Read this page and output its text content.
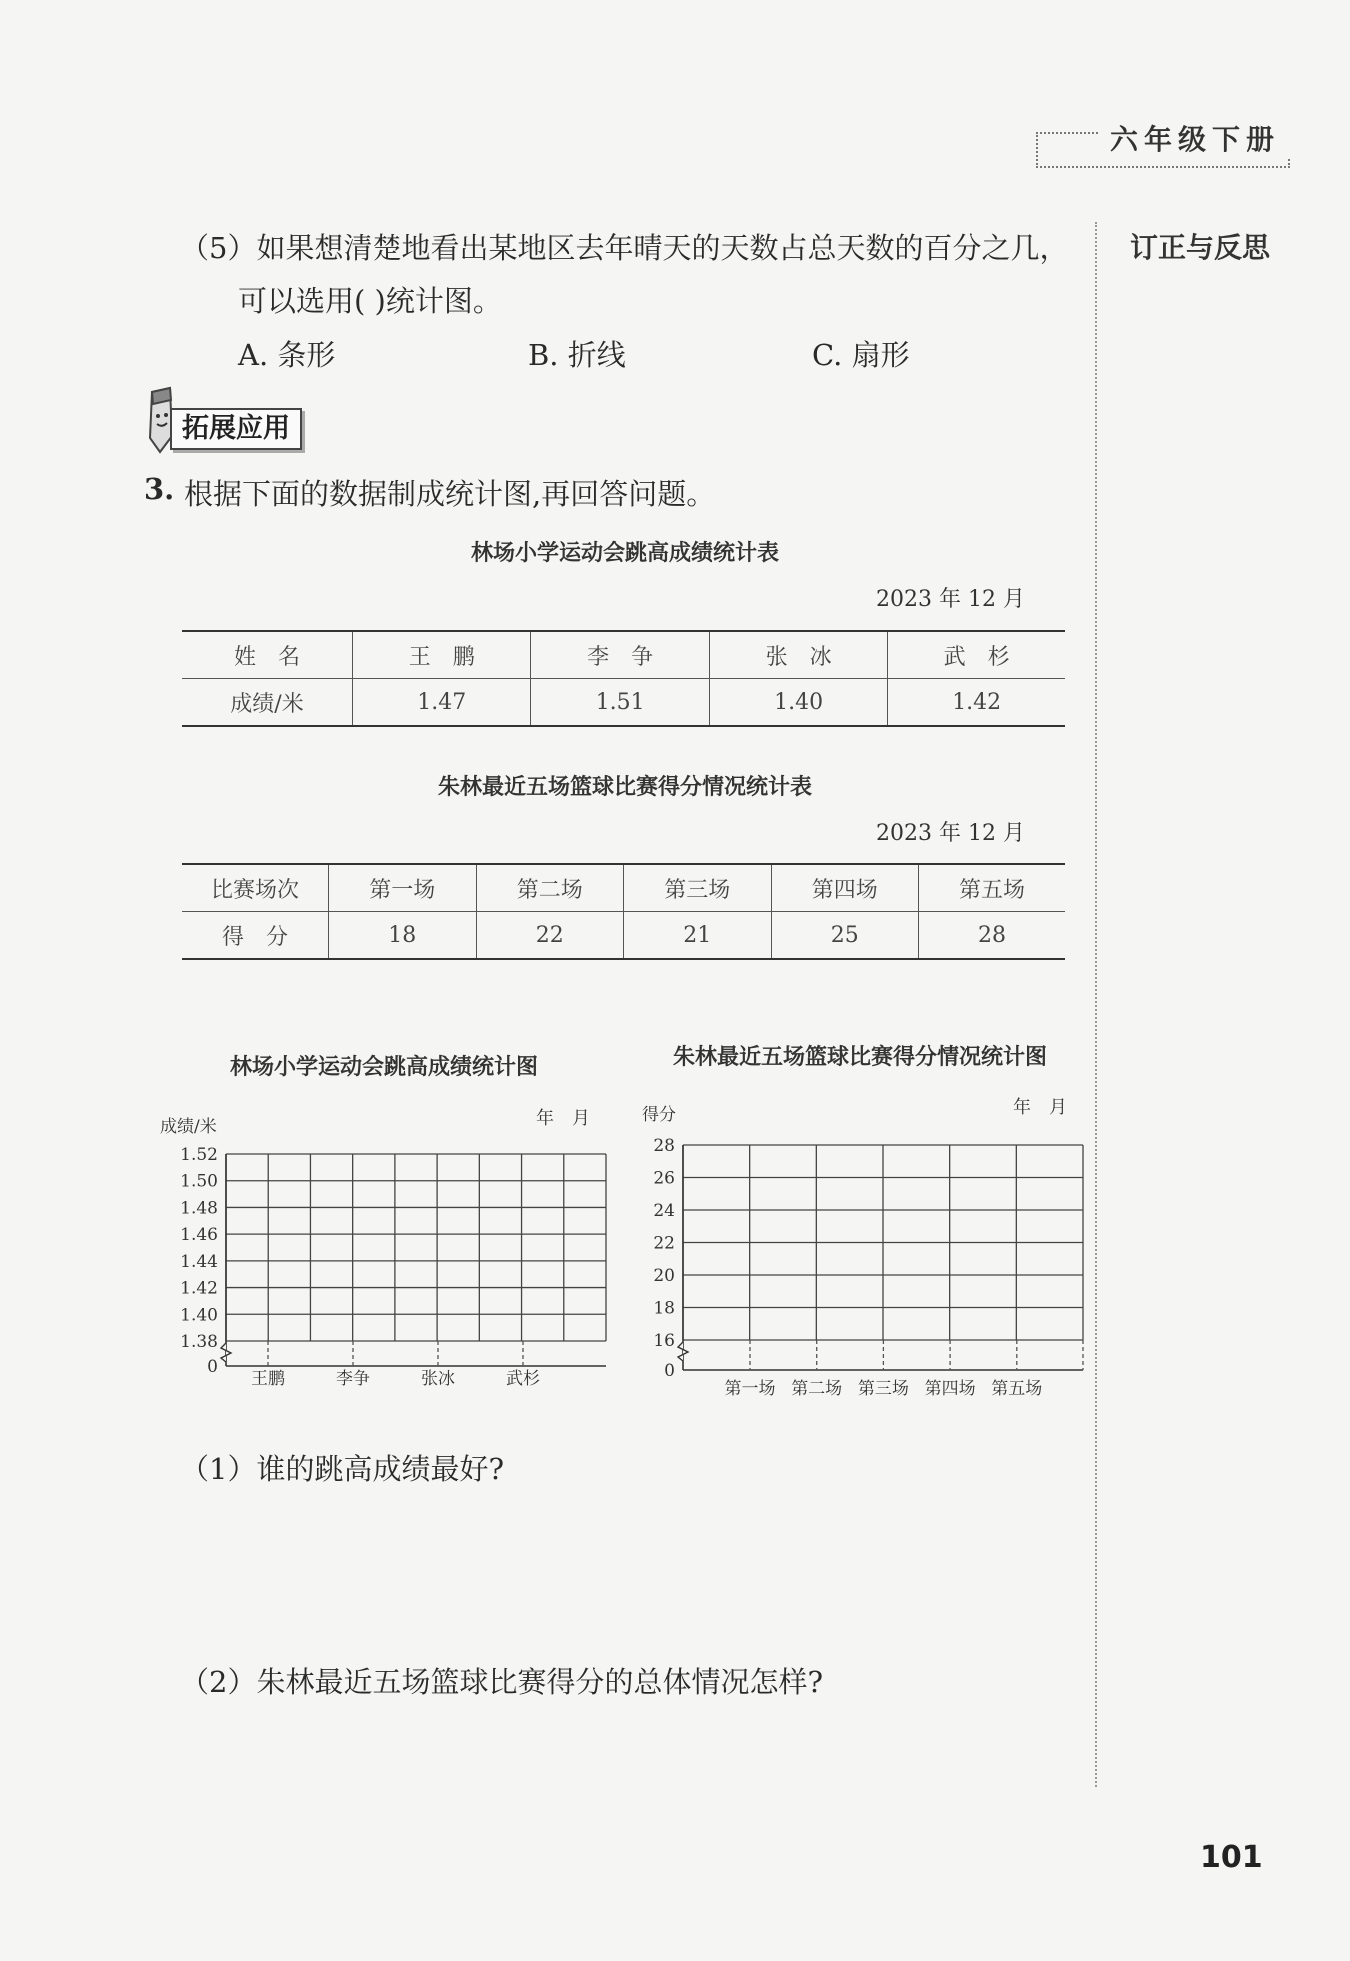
六年级下册
订正与反思
（5）如果想清楚地看出某地区去年晴天的天数占总天数的百分之几，
可以选用( )统计图。
A. 条形	B. 折线	C. 扇形
拓展应用
3. 根据下面的数据制成统计图,再回答问题。
林场小学运动会跳高成绩统计表
2023 年 12 月
姓　名	王　鹏	李　争	张　冰	武　杉
成绩/米	1.47	1.51	1.40	1.42
朱林最近五场篮球比赛得分情况统计表
2023 年 12 月
比赛场次	第一场	第二场	第三场	第四场	第五场
得　分	18	22	21	25	28
林场小学运动会跳高成绩统计图	朱林最近五场篮球比赛得分情况统计图
成绩/米	年　月
1.52
1.50
1.48
1.46
1.44
1.42
1.40
1.38
0
王鹏	李争	张冰	武杉
得分	年　月
28
26
24
22
20
18
16
0
第一场 第二场 第三场 第四场 第五场
（1）谁的跳高成绩最好?
（2）朱林最近五场篮球比赛得分的总体情况怎样?
101
